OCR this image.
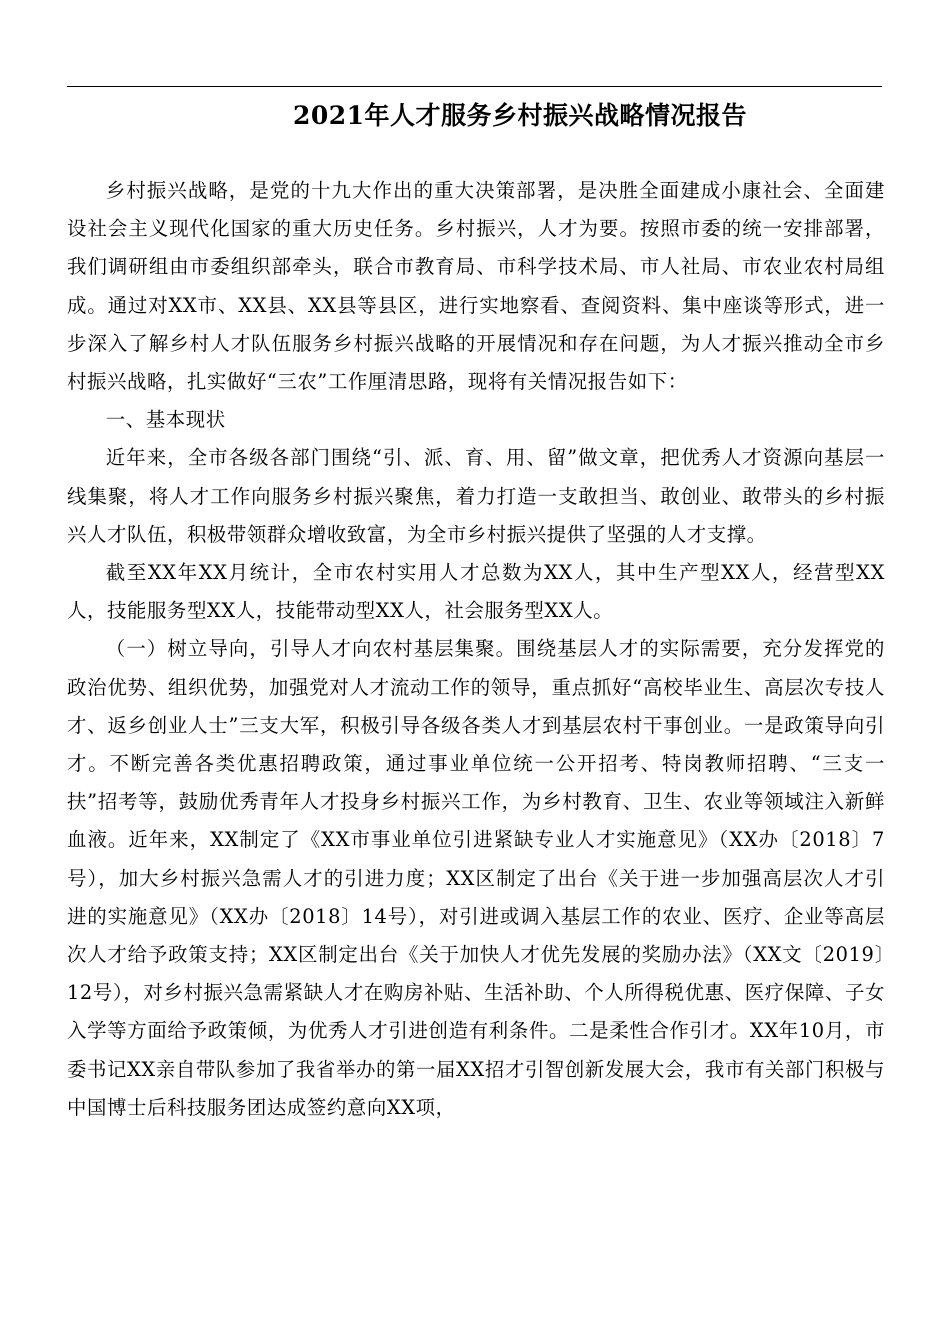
2021年人才服务乡村振兴战略情况报告

乡村振兴战略，是党的十九大作出的重大决策部署，是决胜全面建成小康社会、全面建设社会主义现代化国家的重大历史任务。乡村振兴，人才为要。按照市委的统一安排部署，我们调研组由市委组织部牵头，联合市教育局、市科学技术局、市人社局、市农业农村局组成。通过对XX市、XX县、XX县等县区，进行实地察看、查阅资料、集中座谈等形式，进一步深入了解乡村人才队伍服务乡村振兴战略的开展情况和存在问题，为人才振兴推动全市乡村振兴战略，扎实做好“三农”工作厘清思路，现将有关情况报告如下：

一、基本现状

近年来，全市各级各部门围绕“引、派、育、用、留”做文章，把优秀人才资源向基层一线集聚，将人才工作向服务乡村振兴聚焦，着力打造一支敢担当、敢创业、敢带头的乡村振兴人才队伍，积极带领群众增收致富，为全市乡村振兴提供了坚强的人才支撑。

截至XX年XX月统计，全市农村实用人才总数为XX人，其中生产型XX人，经营型XX人，技能服务型XX人，技能带动型XX人，社会服务型XX人。

（一）树立导向，引导人才向农村基层集聚。围绕基层人才的实际需要，充分发挥党的政治优势、组织优势，加强党对人才流动工作的领导，重点抓好“高校毕业生、高层次专技人才、返乡创业人士”三支大军，积极引导各级各类人才到基层农村干事创业。一是政策导向引才。不断完善各类优惠招聘政策，通过事业单位统一公开招考、特岗教师招聘、“三支一扶”招考等，鼓励优秀青年人才投身乡村振兴工作，为乡村教育、卫生、农业等领域注入新鲜血液。近年来，XX制定了《XX市事业单位引进紧缺专业人才实施意见》（XX办〔2018〕7号），加大乡村振兴急需人才的引进力度；XX区制定了出台《关于进一步加强高层次人才引进的实施意见》（XX办〔2018〕14号），对引进或调入基层工作的农业、医疗、企业等高层次人才给予政策支持；XX区制定出台《关于加快人才优先发展的奖励办法》（XX文〔2019〕12号），对乡村振兴急需紧缺人才在购房补贴、生活补助、个人所得税优惠、医疗保障、子女入学等方面给予政策倾，为优秀人才引进创造有利条件。二是柔性合作引才。XX年10月，市委书记XX亲自带队参加了我省举办的第一届XX招才引智创新发展大会，我市有关部门积极与中国博士后科技服务团达成签约意向XX项，
